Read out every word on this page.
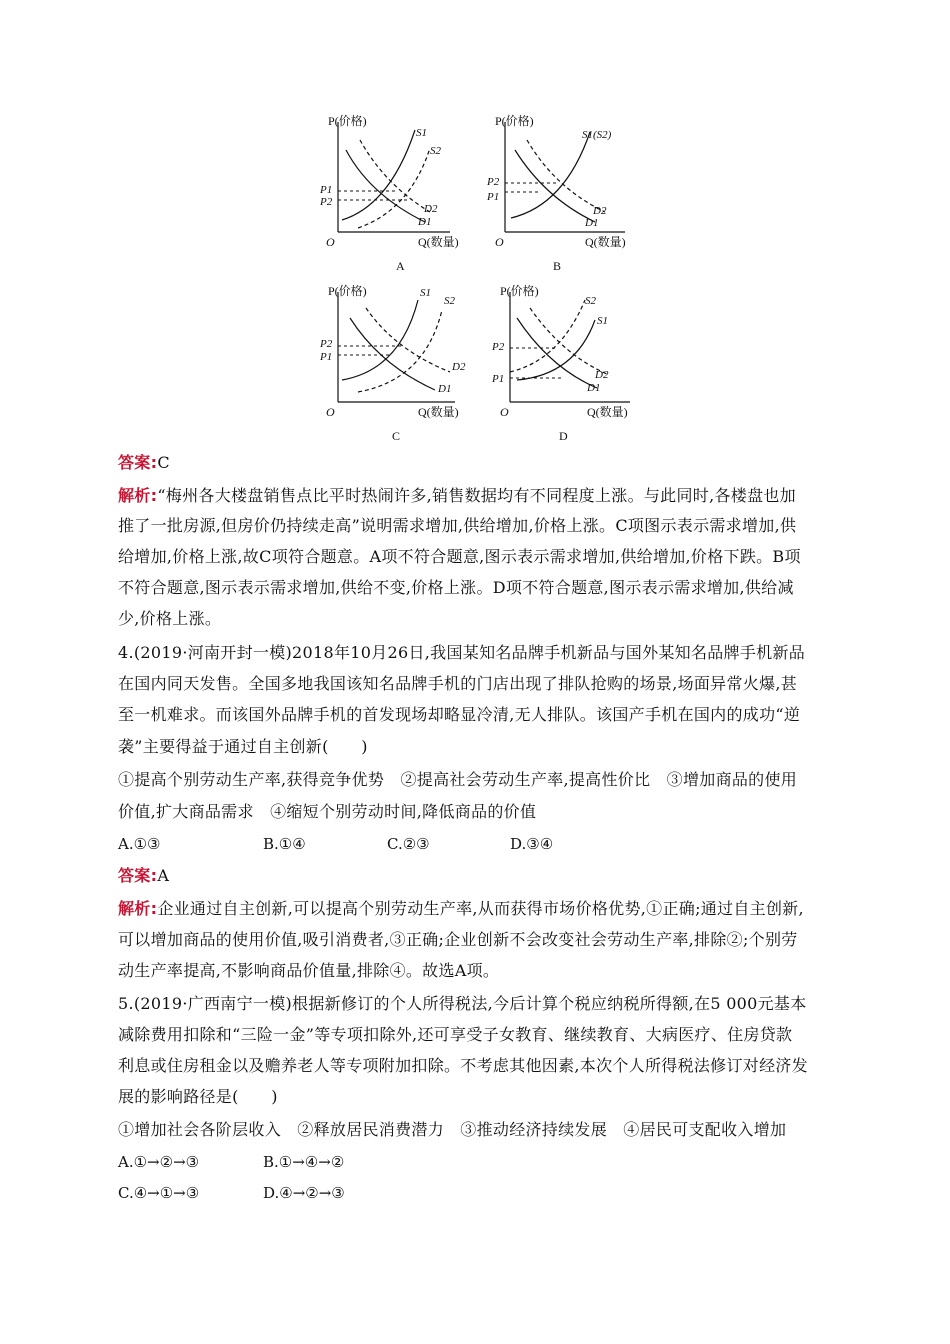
P(价格)
Q(数量)
O
P1
P2
S1
S2
D2
D1
A
P(价格)
Q(数量)
O
P2
P1
S1(S2)
D2
D1
B
P(价格)
Q(数量)
O
P2
P1
S1
S2
D2
D1
C
P(价格)
Q(数量)
O
P2
P1
S2
S1
D2
D1
D
答案:C
解析:“梅州各大楼盘销售点比平时热闹许多,销售数据均有不同程度上涨。与此同时,各楼盘也加
推了一批房源,但房价仍持续走高”说明需求增加,供给增加,价格上涨。C项图示表示需求增加,供
给增加,价格上涨,故C项符合题意。A项不符合题意,图示表示需求增加,供给增加,价格下跌。B项
不符合题意,图示表示需求增加,供给不变,价格上涨。D项不符合题意,图示表示需求增加,供给减
少,价格上涨。
4.(2019·河南开封一模)2018年10月26日,我国某知名品牌手机新品与国外某知名品牌手机新品
在国内同天发售。全国多地我国该知名品牌手机的门店出现了排队抢购的场景,场面异常火爆,甚
至一机难求。而该国外品牌手机的首发现场却略显冷清,无人排队。该国产手机在国内的成功“逆
袭”主要得益于通过自主创新(　　)
①提高个别劳动生产率,获得竞争优势　②提高社会劳动生产率,提高性价比　③增加商品的使用
价值,扩大商品需求　④缩短个别劳动时间,降低商品的价值
A.①③	B.①④	C.②③	D.③④
答案:A
解析:企业通过自主创新,可以提高个别劳动生产率,从而获得市场价格优势,①正确;通过自主创新,
可以增加商品的使用价值,吸引消费者,③正确;企业创新不会改变社会劳动生产率,排除②;个别劳
动生产率提高,不影响商品价值量,排除④。故选A项。
5.(2019·广西南宁一模)根据新修订的个人所得税法,今后计算个税应纳税所得额,在5 000元基本
减除费用扣除和“三险一金”等专项扣除外,还可享受子女教育、继续教育、大病医疗、住房贷款
利息或住房租金以及赡养老人等专项附加扣除。不考虑其他因素,本次个人所得税法修订对经济发
展的影响路径是(　　)
①增加社会各阶层收入　②释放居民消费潜力　③推动经济持续发展　④居民可支配收入增加
A.①→②→③	B.①→④→②
C.④→①→③	D.④→②→③
